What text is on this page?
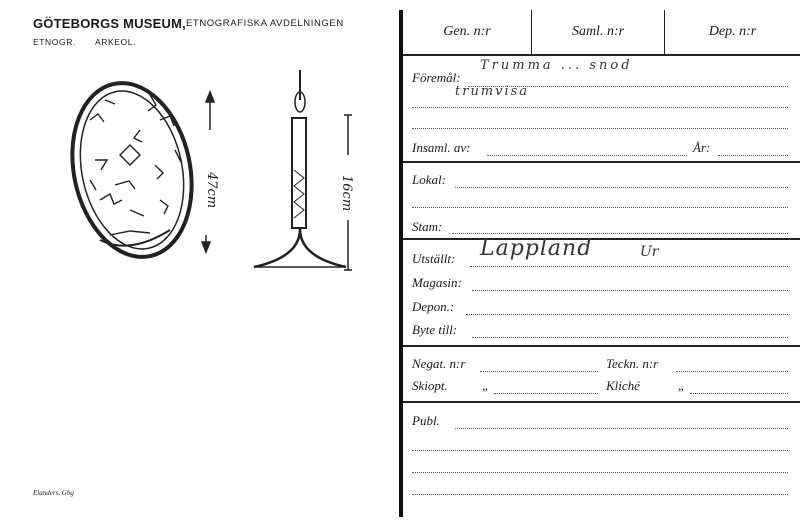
GÖTEBORGS MUSEUM, ETNOGRAFISKA AVDELNINGEN
ETNOGR. ARKEOL.
47cm	16cm
Elanders, Gbg
Gen. n:r	Saml. n:r	Dep. n:r
Föremål:
Trumma ... snod
trumvisa
Insaml. av:	År:
Lokal:
Stam:
Utställt: Lappland	Ur
Magasin:
Depon.:
Byte till:
Negat. n:r	Teckn. n:r
Skiopt.	„	Kliché	„
Publ.
